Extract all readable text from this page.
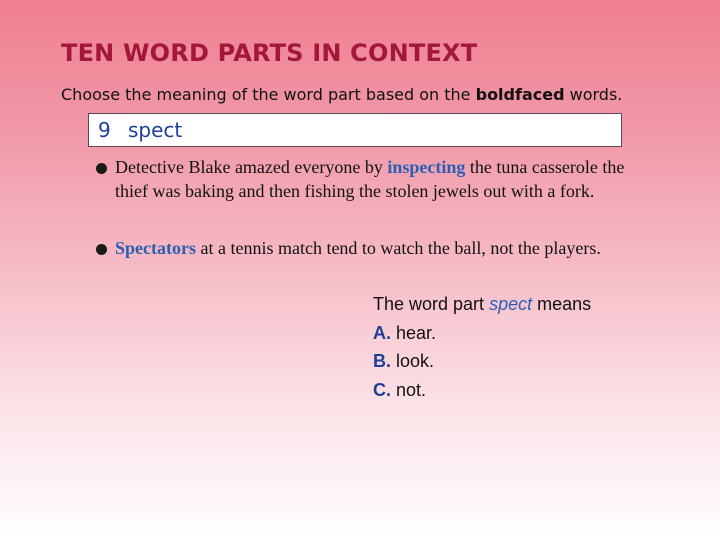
TEN WORD PARTS IN CONTEXT
Choose the meaning of the word part based on the boldfaced words.
9 spect
Detective Blake amazed everyone by inspecting the tuna casserole the thief was baking and then fishing the stolen jewels out with a fork.
Spectators at a tennis match tend to watch the ball, not the players.
The word part spect means
A. hear.
B. look.
C. not.
